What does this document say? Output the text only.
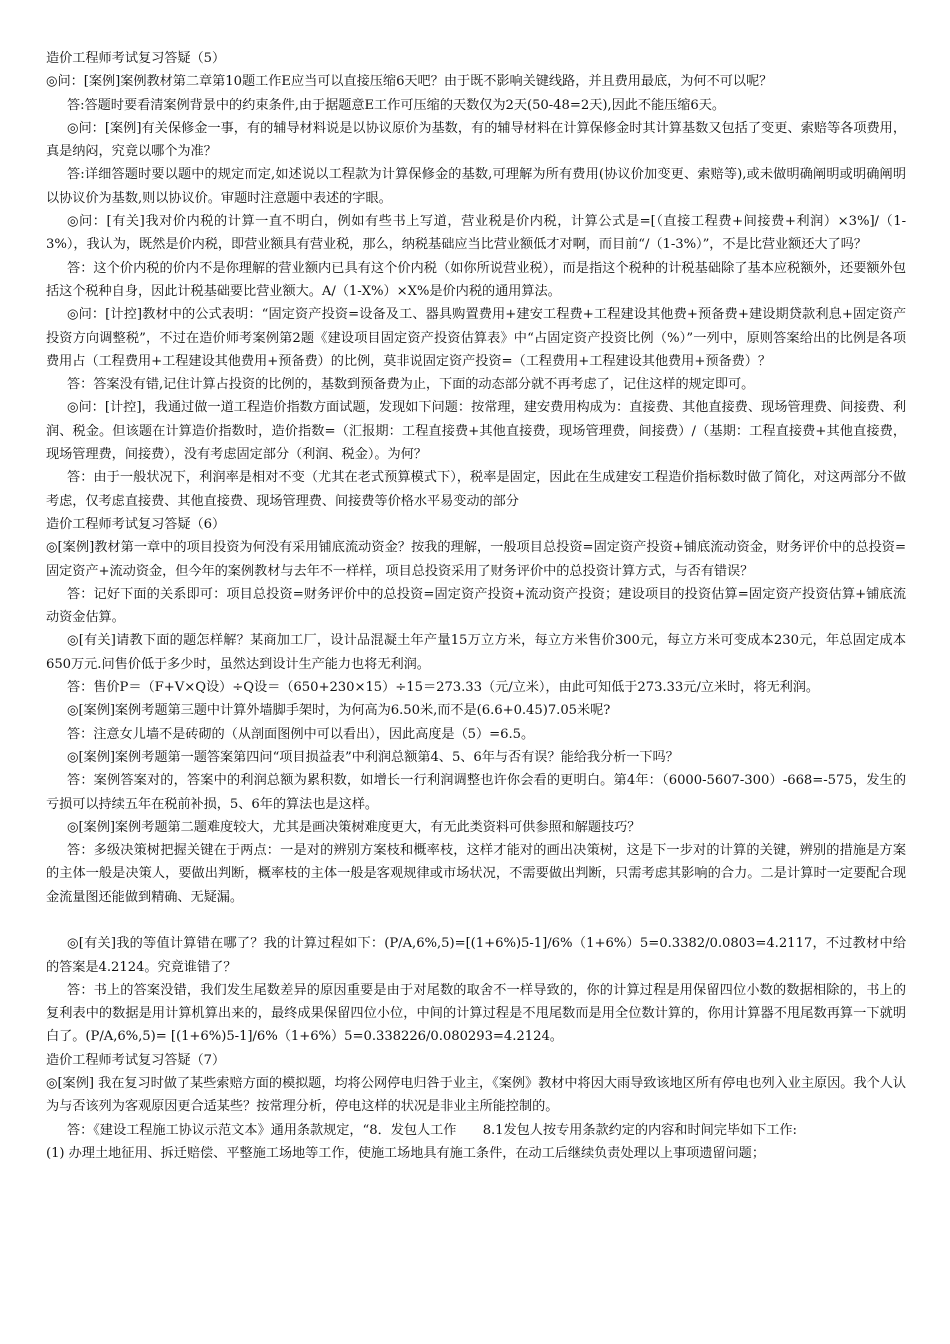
造价工程师考试复习答疑（5）

◎问：[案例]案例教材第二章第10题工作E应当可以直接压缩6天吧？由于既不影响关键线路，并且费用最底，为何不可以呢？

答:答题时要看清案例背景中的约束条件,由于据题意E工作可压缩的天数仅为2天(50-48=2天),因此不能压缩6天。

◎问：[案例]有关保修金一事，有的辅导材料说是以协议原价为基数，有的辅导材料在计算保修金时其计算基数又包括了变更、索赔等各项费用，真是纳闷，究竟以哪个为准？

答:详细答题时要以题中的规定而定,如述说以工程款为计算保修金的基数,可理解为所有费用(协议价加变更、索赔等),或未做明确阐明或明确阐明以协议价为基数,则以协议价。审题时注意题中表述的字眼。

◎问：[有关]我对价内税的计算一直不明白，例如有些书上写道，营业税是价内税，计算公式是=[（直接工程费+间接费+利润）×3%]/（1-3%），我认为，既然是价内税，即营业额具有营业税，那么，纳税基础应当比营业额低才对啊，而目前“/（1-3%）”，不是比营业额还大了吗？

答：这个价内税的价内不是你理解的营业额内已具有这个价内税（如你所说营业税），而是指这个税种的计税基础除了基本应税额外，还要额外包括这个税种自身，因此计税基础要比营业额大。A/（1-X%）×X%是价内税的通用算法。

◎问：[计控]教材中的公式表明：“固定资产投资=设备及工、器具购置费用+建安工程费+工程建设其他费+预备费+建设期贷款利息+固定资产投资方向调整税”，不过在造价师考案例第2题《建设项目固定资产投资估算表》中“占固定资产投资比例（%）”一列中，原则答案给出的比例是各项费用占（工程费用+工程建设其他费用+预备费）的比例，莫非说固定资产投资=（工程费用+工程建设其他费用+预备费）？

答：答案没有错,记住计算占投资的比例的，基数到预备费为止，下面的动态部分就不再考虑了，记住这样的规定即可。

◎问：[计控]，我通过做一道工程造价指数方面试题，发现如下问题：按常理，建安费用构成为：直接费、其他直接费、现场管理费、间接费、利润、税金。但该题在计算造价指数时，造价指数=（汇报期：工程直接费+其他直接费，现场管理费，间接费）/（基期：工程直接费+其他直接费，现场管理费，间接费），没有考虑固定部分（利润、税金）。为何？

答：由于一般状况下，利润率是相对不变（尤其在老式预算模式下），税率是固定，因此在生成建安工程造价指标数时做了简化，对这两部分不做考虑，仅考虑直接费、其他直接费、现场管理费、间接费等价格水平易变动的部分

造价工程师考试复习答疑（6）

◎[案例]教材第一章中的项目投资为何没有采用铺底流动资金？按我的理解，一般项目总投资=固定资产投资+铺底流动资金，财务评价中的总投资=固定资产+流动资金，但今年的案例教材与去年不一样样，项目总投资采用了财务评价中的总投资计算方式，与否有错误？

答：记好下面的关系即可：项目总投资=财务评价中的总投资=固定资产投资+流动资产投资；建设项目的投资估算=固定资产投资估算+铺底流动资金估算。

◎[有关]请教下面的题怎样解？某商加工厂，设计品混凝土年产量15万立方米，每立方米售价300元，每立方米可变成本230元，年总固定成本650万元.问售价低于多少时，虽然达到设计生产能力也将无利润。

答：售价P＝（F+V×Q设）÷Q设＝（650+230×15）÷15＝273.33（元/立米），由此可知低于273.33元/立米时，将无利润。

◎[案例]案例考题第三题中计算外墙脚手架时，为何高为6.50米,而不是(6.6+0.45)7.05米呢?

答：注意女儿墙不是砖砌的（从剖面图例中可以看出），因此高度是（5）=6.5。

◎[案例]案例考题第一题答案第四问“项目损益表”中利润总额第4、5、6年与否有误？能给我分析一下吗？

答：案例答案对的，答案中的利润总额为累积数，如增长一行利润调整也许你会看的更明白。第4年：（6000-5607-300）-668=-575，发生的亏损可以持续五年在税前补损，5、6年的算法也是这样。

◎[案例]案例考题第二题难度较大，尤其是画决策树难度更大，有无此类资料可供参照和解题技巧？

答：多级决策树把握关键在于两点：一是对的辨别方案枝和概率枝，这样才能对的画出决策树，这是下一步对的计算的关键，辨别的措施是方案的主体一般是决策人，要做出判断，概率枝的主体一般是客观规律或市场状况，不需要做出判断，只需考虑其影响的合力。二是计算时一定要配合现金流量图还能做到精确、无疑漏。

◎[有关]我的等值计算错在哪了？我的计算过程如下：(P/A,6%,5)=[(1+6%)5-1]/6%（1+6%）5=0.3382/0.0803=4.2117，不过教材中给的答案是4.2124。究竟谁错了？

答：书上的答案没错，我们发生尾数差异的原因重要是由于对尾数的取舍不一样导致的，你的计算过程是用保留四位小数的数据相除的，书上的复利表中的数据是用计算机算出来的，最终成果保留四位小位，中间的计算过程是不甩尾数而是用全位数计算的，你用计算器不甩尾数再算一下就明白了。(P/A,6%,5)= [(1+6%)5-1]/6%（1+6%）5=0.338226/0.080293=4.2124。

造价工程师考试复习答疑（7）

◎[案例] 我在复习时做了某些索赔方面的模拟题，均将公网停电归咎于业主，《案例》教材中将因大雨导致该地区所有停电也列入业主原因。我个人认为与否该列为客观原因更合适某些？按常理分析，停电这样的状况是非业主所能控制的。

答：《建设工程施工协议示范文本》通用条款规定，“8．发包人工作　　8.1发包人按专用条款约定的内容和时间完毕如下工作:

(1) 办理土地征用、拆迁赔偿、平整施工场地等工作，使施工场地具有施工条件，在动工后继续负责处理以上事项遗留问题；
